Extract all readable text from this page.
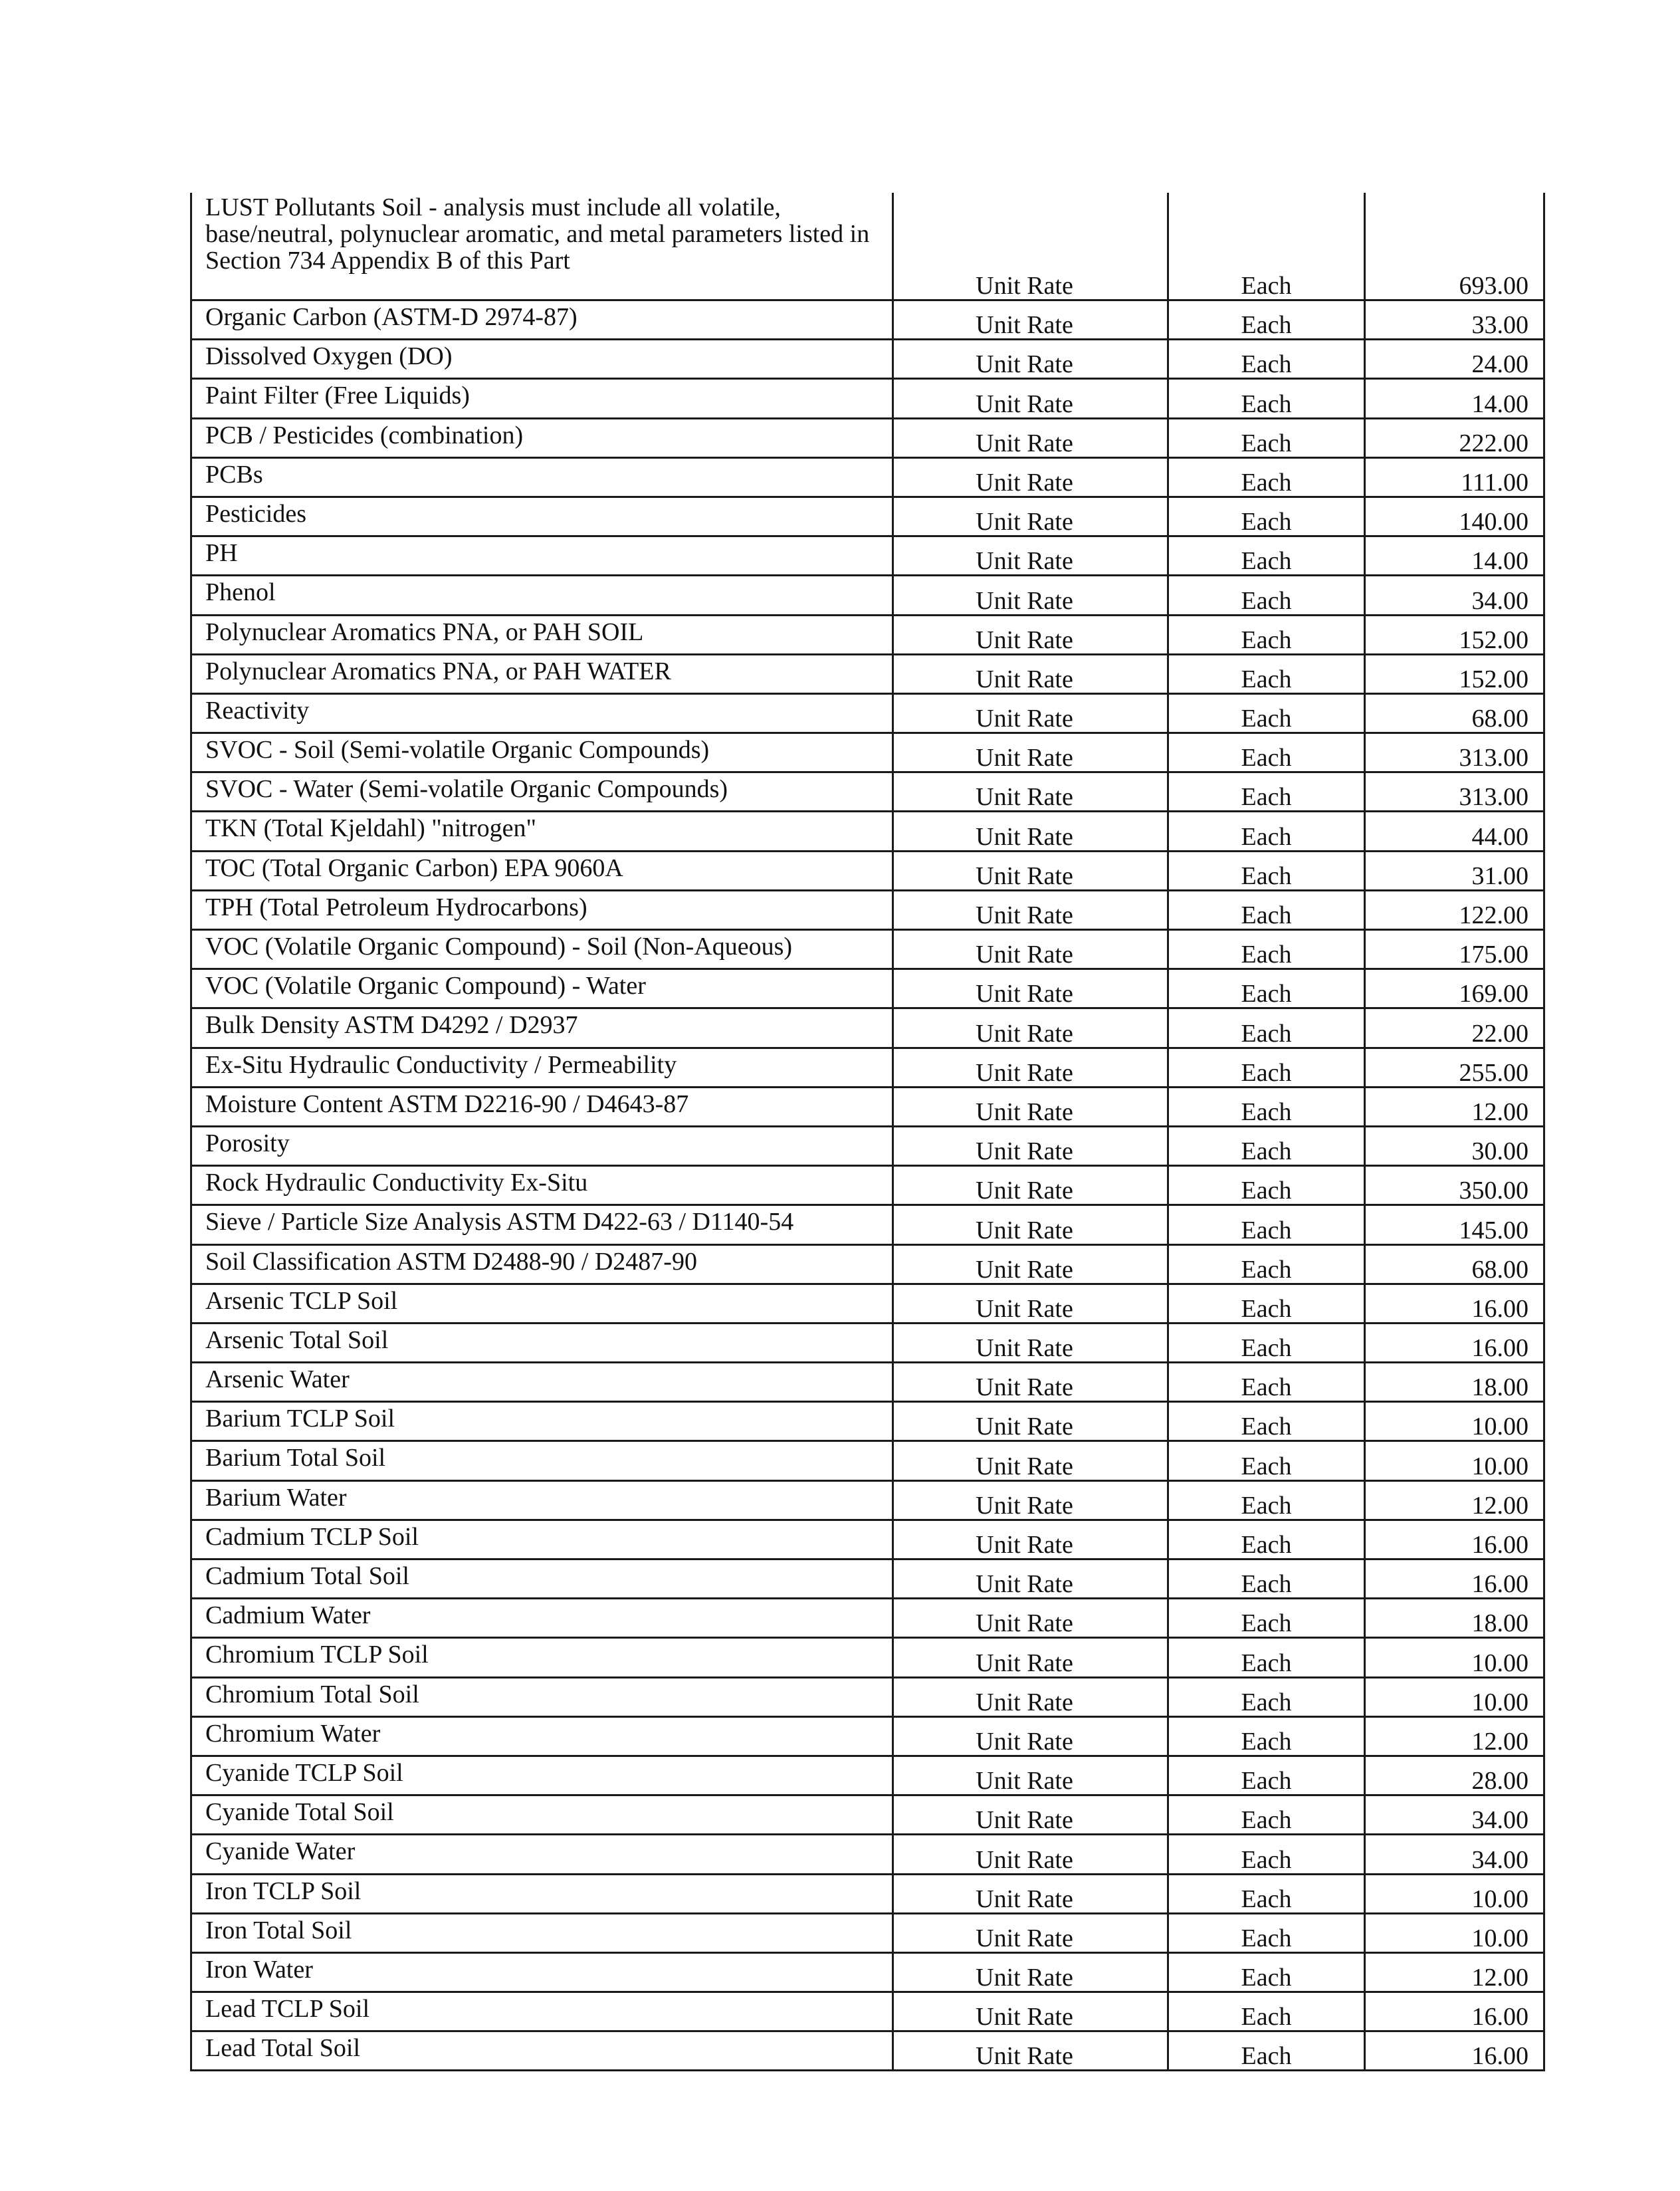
LUST Pollutants Soil - analysis must include all volatile, base/neutral, polynuclear aromatic, and metal parameters listed in Section 734 Appendix B of this Part	Unit Rate	Each	693.00
Organic Carbon (ASTM-D 2974-87)	Unit Rate	Each	33.00
Dissolved Oxygen (DO)	Unit Rate	Each	24.00
Paint Filter (Free Liquids)	Unit Rate	Each	14.00
PCB / Pesticides (combination)	Unit Rate	Each	222.00
PCBs	Unit Rate	Each	111.00
Pesticides	Unit Rate	Each	140.00
PH	Unit Rate	Each	14.00
Phenol	Unit Rate	Each	34.00
Polynuclear Aromatics PNA, or PAH SOIL	Unit Rate	Each	152.00
Polynuclear Aromatics PNA, or PAH WATER	Unit Rate	Each	152.00
Reactivity	Unit Rate	Each	68.00
SVOC - Soil (Semi-volatile Organic Compounds)	Unit Rate	Each	313.00
SVOC - Water (Semi-volatile Organic Compounds)	Unit Rate	Each	313.00
TKN (Total Kjeldahl) "nitrogen"	Unit Rate	Each	44.00
TOC (Total Organic Carbon) EPA 9060A	Unit Rate	Each	31.00
TPH (Total Petroleum Hydrocarbons)	Unit Rate	Each	122.00
VOC (Volatile Organic Compound) - Soil (Non-Aqueous)	Unit Rate	Each	175.00
VOC (Volatile Organic Compound) - Water	Unit Rate	Each	169.00
Bulk Density ASTM D4292 / D2937	Unit Rate	Each	22.00
Ex-Situ Hydraulic Conductivity / Permeability	Unit Rate	Each	255.00
Moisture Content ASTM D2216-90 / D4643-87	Unit Rate	Each	12.00
Porosity	Unit Rate	Each	30.00
Rock Hydraulic Conductivity Ex-Situ	Unit Rate	Each	350.00
Sieve / Particle Size Analysis ASTM D422-63 / D1140-54	Unit Rate	Each	145.00
Soil Classification ASTM D2488-90 / D2487-90	Unit Rate	Each	68.00
Arsenic TCLP Soil	Unit Rate	Each	16.00
Arsenic Total Soil	Unit Rate	Each	16.00
Arsenic Water	Unit Rate	Each	18.00
Barium TCLP Soil	Unit Rate	Each	10.00
Barium Total Soil	Unit Rate	Each	10.00
Barium Water	Unit Rate	Each	12.00
Cadmium TCLP Soil	Unit Rate	Each	16.00
Cadmium Total Soil	Unit Rate	Each	16.00
Cadmium Water	Unit Rate	Each	18.00
Chromium TCLP Soil	Unit Rate	Each	10.00
Chromium Total Soil	Unit Rate	Each	10.00
Chromium Water	Unit Rate	Each	12.00
Cyanide TCLP Soil	Unit Rate	Each	28.00
Cyanide Total Soil	Unit Rate	Each	34.00
Cyanide Water	Unit Rate	Each	34.00
Iron TCLP Soil	Unit Rate	Each	10.00
Iron Total Soil	Unit Rate	Each	10.00
Iron Water	Unit Rate	Each	12.00
Lead TCLP Soil	Unit Rate	Each	16.00
Lead Total Soil	Unit Rate	Each	16.00
